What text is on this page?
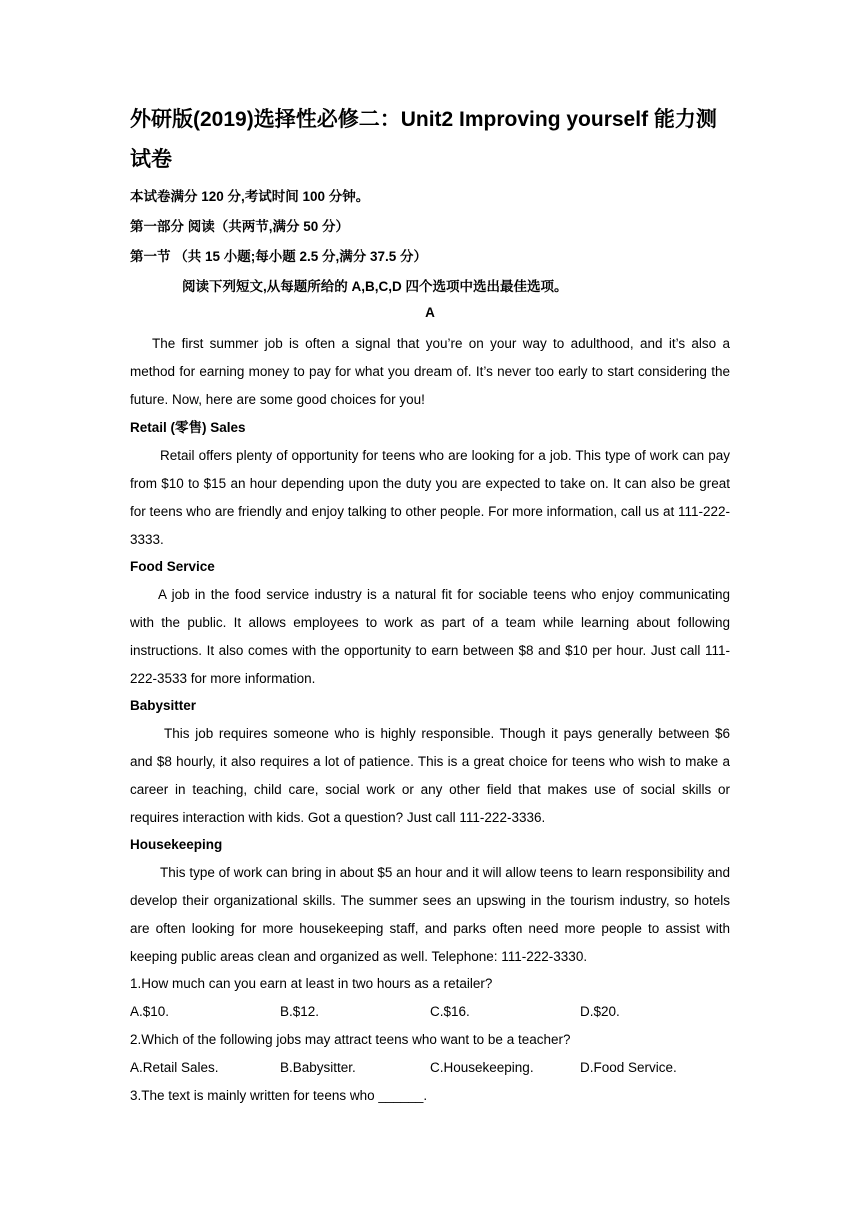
外研版(2019)选择性必修二：Unit2 Improving yourself 能力测试卷

本试卷满分 120 分,考试时间 100 分钟。

第一部分 阅读（共两节,满分 50 分）

第一节 （共 15 小题;每小题 2.5 分,满分 37.5 分）

阅读下列短文,从每题所给的 A,B,C,D 四个选项中选出最佳选项。

A

The first summer job is often a signal that you’re on your way to adulthood, and it’s also a method for earning money to pay for what you dream of. It’s never too early to start considering the future. Now, here are some good choices for you!

Retail (零售) Sales

Retail offers plenty of opportunity for teens who are looking for a job. This type of work can pay from $10 to $15 an hour depending upon the duty you are expected to take on. It can also be great for teens who are friendly and enjoy talking to other people. For more information, call us at 111-222-3333.

Food Service

A job in the food service industry is a natural fit for sociable teens who enjoy communicating with the public. It allows employees to work as part of a team while learning about following instructions. It also comes with the opportunity to earn between $8 and $10 per hour. Just call 111-222-3533 for more information.

Babysitter

This job requires someone who is highly responsible. Though it pays generally between $6 and $8 hourly, it also requires a lot of patience. This is a great choice for teens who wish to make a career in teaching, child care, social work or any other field that makes use of social skills or requires interaction with kids. Got a question? Just call 111-222-3336.

Housekeeping

This type of work can bring in about $5 an hour and it will allow teens to learn responsibility and develop their organizational skills. The summer sees an upswing in the tourism industry, so hotels are often looking for more housekeeping staff, and parks often need more people to assist with keeping public areas clean and organized as well. Telephone: 111-222-3330.

1.How much can you earn at least in two hours as a retailer?

A.$10.	B.$12.	C.$16.	D.$20.

2.Which of the following jobs may attract teens who want to be a teacher?

A.Retail Sales.	B.Babysitter.	C.Housekeeping.	D.Food Service.

3.The text is mainly written for teens who ______.
